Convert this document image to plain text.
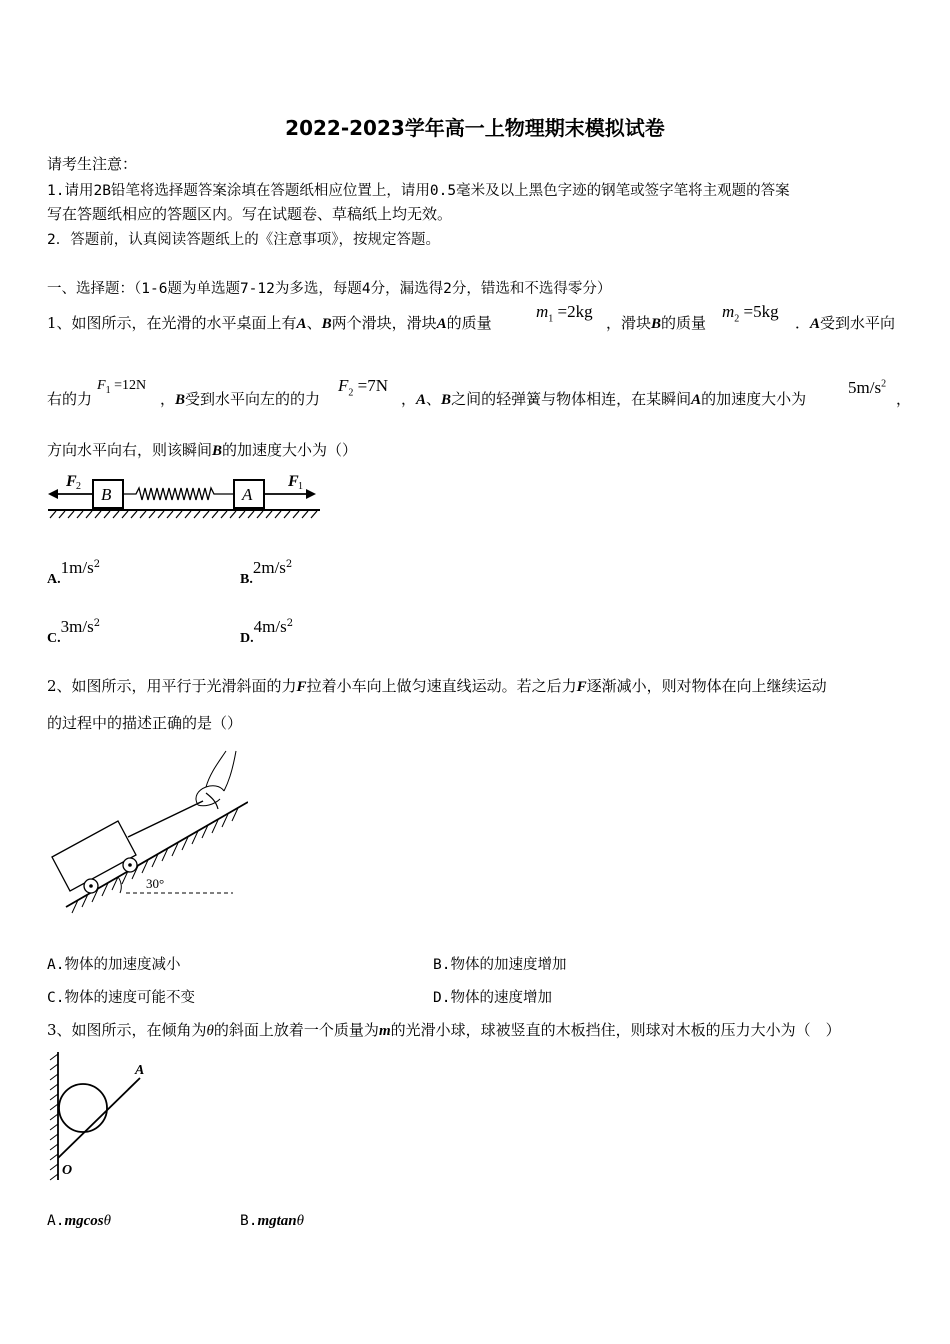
2022-2023学年高一上物理期末模拟试卷
请考生注意：
1.请用2B铅笔将选择题答案涂填在答题纸相应位置上，请用0.5毫米及以上黑色字迹的钢笔或签字笔将主观题的答案
写在答题纸相应的答题区内。写在试题卷、草稿纸上均无效。
2．答题前，认真阅读答题纸上的《注意事项》，按规定答题。
一、选择题：（1-6题为单选题7-12为多选，每题4分，漏选得2分，错选和不选得零分）
1、如图所示，在光滑的水平桌面上有A、B两个滑块，滑块A的质量
$m_1 =2kg$
，滑块B的质量
$m_2 =5kg$
．A受到水平向
右的力
$F_1 =12N$
，B受到水平向左的的力
$F_2 =7N$
，A、B之间的轻弹簧与物体相连，在某瞬间A的加速度大小为
$5m/s^2$
，
方向水平向右，则该瞬间B的加速度大小为（）
B	A
F 2	F 1
$A.1m/s^2$
$B.2m/s^2$
$C.3m/s^2$
$D.4m/s^2$
2、如图所示，用平行于光滑斜面的力F拉着小车向上做匀速直线运动。若之后力F逐渐减小，则对物体在向上继续运动
的过程中的描述正确的是（）
30°
A.物体的加速度减小	B.物体的加速度增加
C.物体的速度可能不变	D.物体的速度增加
3、如图所示，在倾角为θ的斜面上放着一个质量为m的光滑小球，球被竖直的木板挡住，则球对木板的压力大小为（　）
A
O
A.mgcosθ	B.mgtanθ
